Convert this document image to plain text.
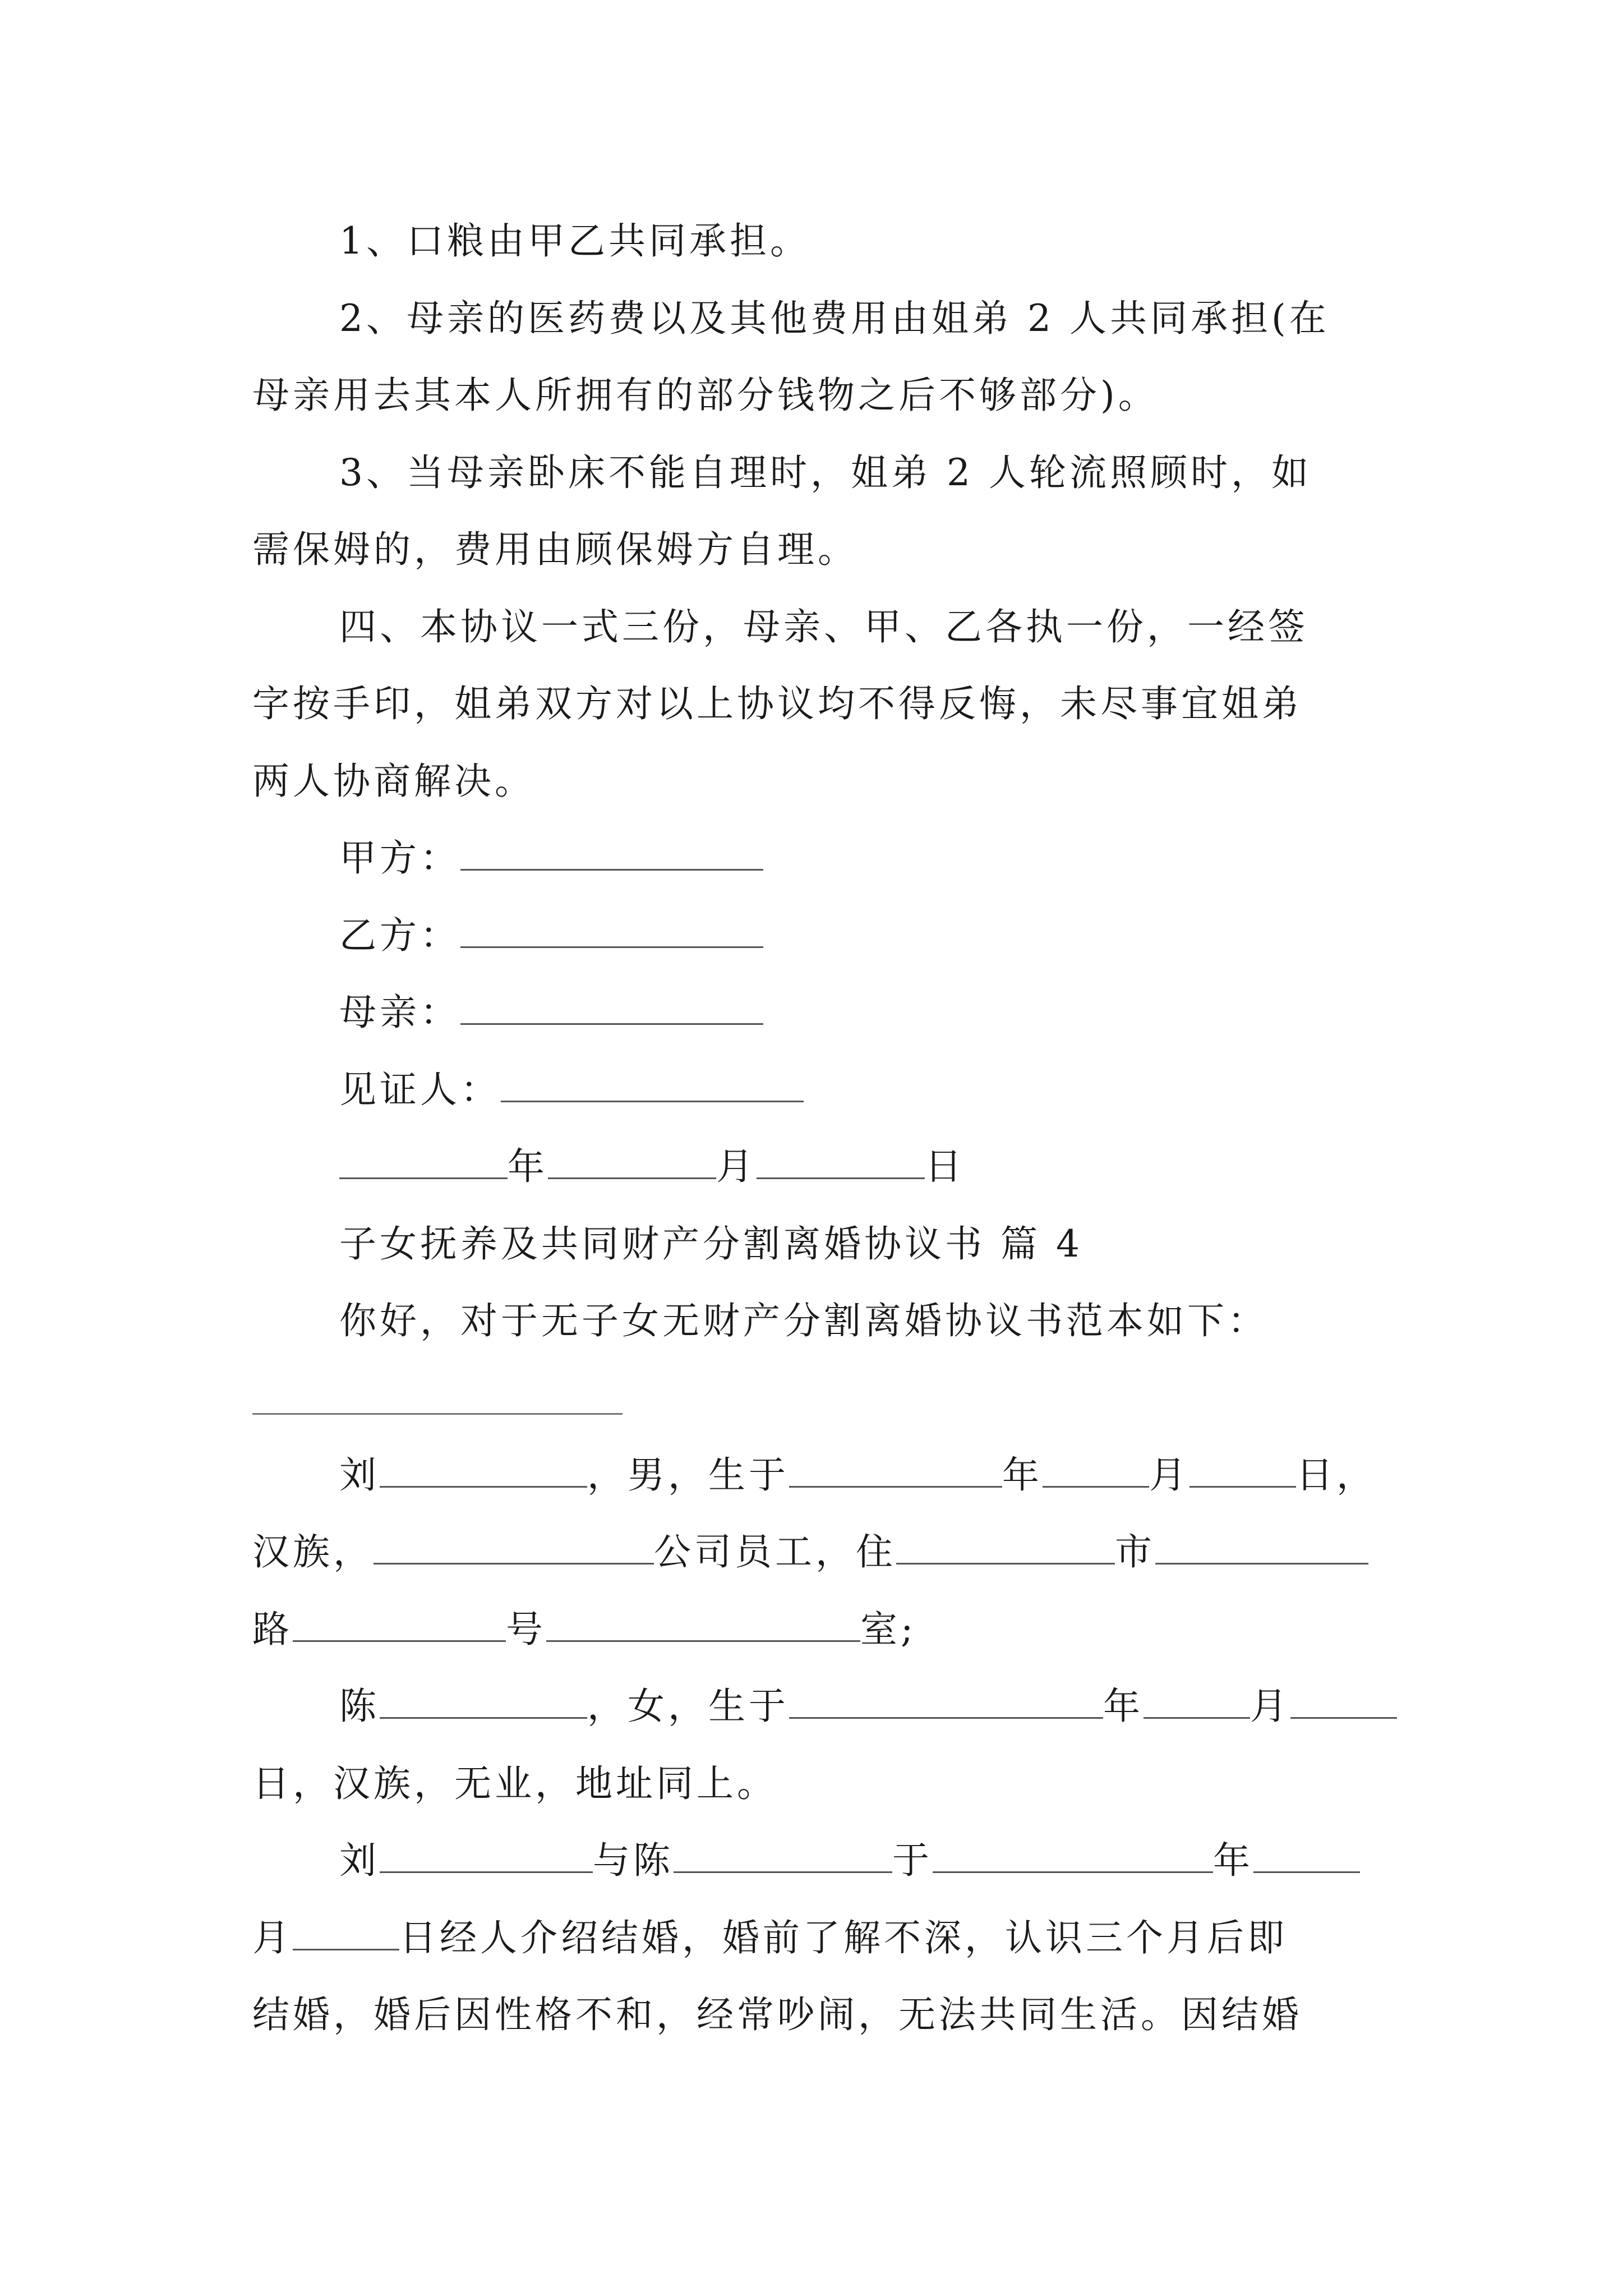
1、口粮由甲乙共同承担。
2、母亲的医药费以及其他费用由姐弟 2 人共同承担(在
母亲用去其本人所拥有的部分钱物之后不够部分)。
3、当母亲卧床不能自理时，姐弟 2 人轮流照顾时，如
需保姆的，费用由顾保姆方自理。
四、本协议一式三份，母亲、甲、乙各执一份，一经签
字按手印，姐弟双方对以上协议均不得反悔，未尽事宜姐弟
两人协商解决。
甲方：
乙方：
母亲：
见证人：
年	月	日
子女抚养及共同财产分割离婚协议书 篇 4
你好，对于无子女无财产分割离婚协议书范本如下：
刘	，男，生于	年	月	日，
汉族，	公司员工，住	市
路	号	室;
陈	，女，生于	年	月
日，汉族，无业，地址同上。
刘	与陈	于	年
月	日经人介绍结婚，婚前了解不深，认识三个月后即
结婚，婚后因性格不和，经常吵闹，无法共同生活。因结婚
